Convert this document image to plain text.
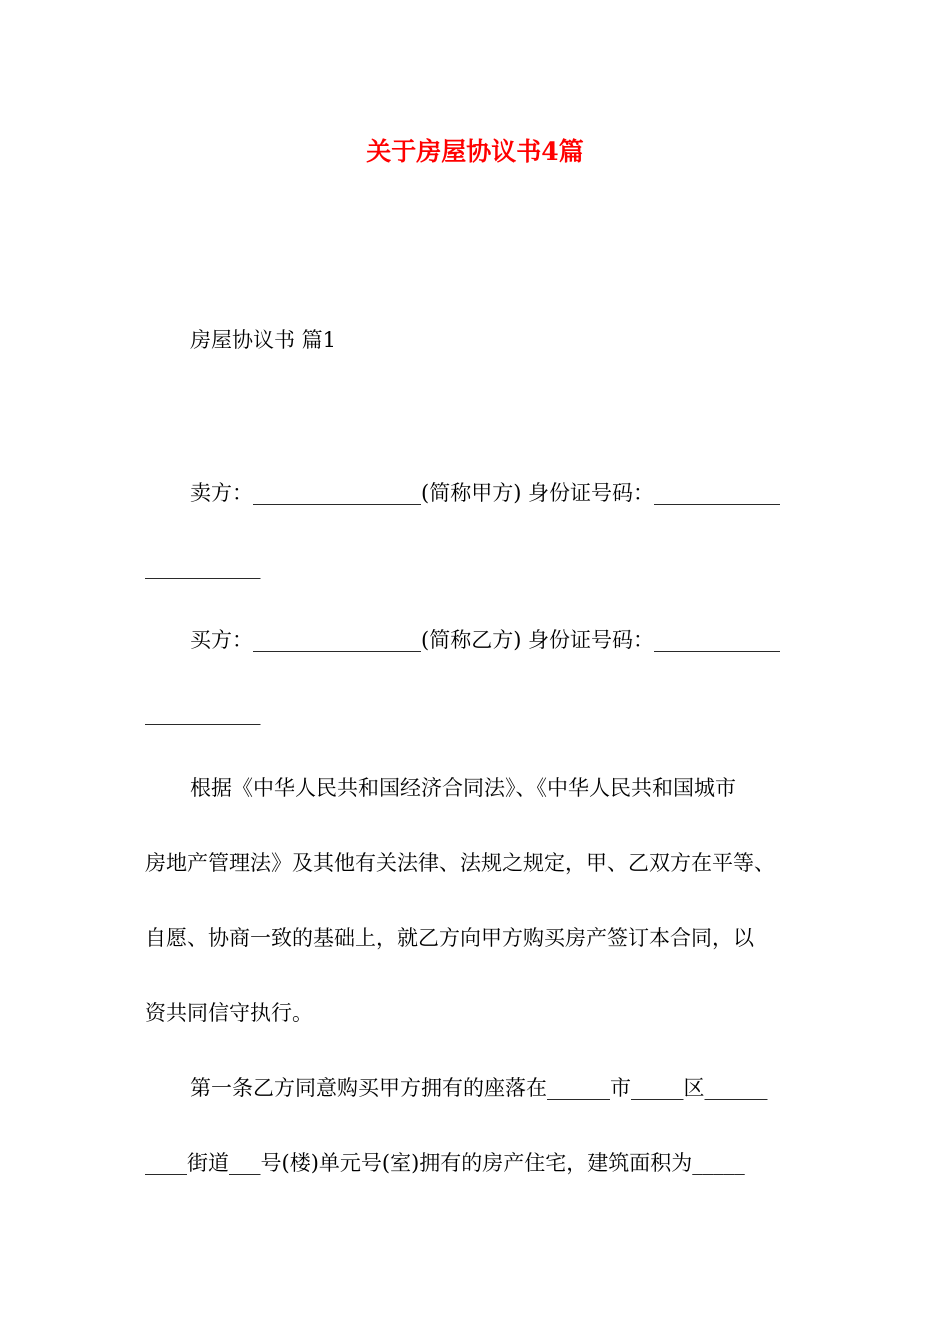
关于房屋协议书4篇
房屋协议书 篇1
卖方：________________(简称甲方) 身份证号码：____________
___________
买方：________________(简称乙方) 身份证号码：____________
___________
根据《中华人民共和国经济合同法》、《中华人民共和国城市
房地产管理法》及其他有关法律、法规之规定，甲、乙双方在平等、
自愿、协商一致的基础上，就乙方向甲方购买房产签订本合同，以
资共同信守执行。
第一条乙方同意购买甲方拥有的座落在______市_____区______
____街道___号(楼)单元号(室)拥有的房产住宅，建筑面积为_____
